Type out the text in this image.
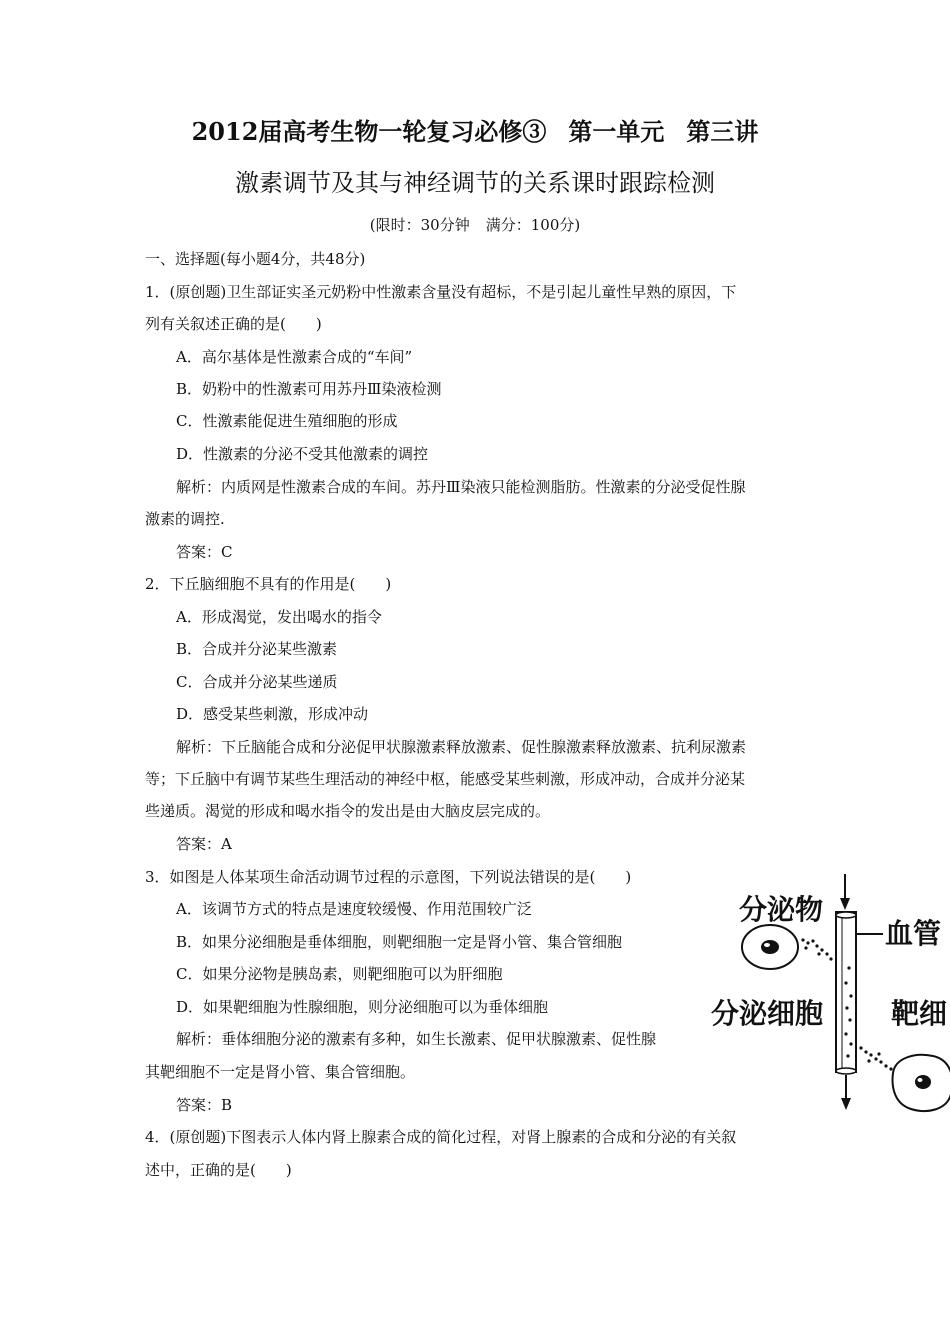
2012届高考生物一轮复习必修③ 第一单元 第三讲
激素调节及其与神经调节的关系课时跟踪检测
(限时：30分钟 满分：100分)
一、选择题(每小题4分，共48分)
1．(原创题)卫生部证实圣元奶粉中性激素含量没有超标，不是引起儿童性早熟的原因，下
列有关叙述正确的是(　　)
A．高尔基体是性激素合成的“车间”
B．奶粉中的性激素可用苏丹Ⅲ染液检测
C．性激素能促进生殖细胞的形成
D．性激素的分泌不受其他激素的调控
解析：内质网是性激素合成的车间。苏丹Ⅲ染液只能检测脂肪。性激素的分泌受促性腺
激素的调控.
答案：C
2．下丘脑细胞不具有的作用是(　　)
A．形成渴觉，发出喝水的指令
B．合成并分泌某些激素
C．合成并分泌某些递质
D．感受某些刺激，形成冲动
解析：下丘脑能合成和分泌促甲状腺激素释放激素、促性腺激素释放激素、抗利尿激素
等；下丘脑中有调节某些生理活动的神经中枢，能感受某些刺激，形成冲动，合成并分泌某
些递质。渴觉的形成和喝水指令的发出是由大脑皮层完成的。
答案：A
3．如图是人体某项生命活动调节过程的示意图，下列说法错误的是(　　)
A．该调节方式的特点是速度较缓慢、作用范围较广泛
B．如果分泌细胞是垂体细胞，则靶细胞一定是肾小管、集合管细胞
C．如果分泌物是胰岛素，则靶细胞可以为肝细胞
D．如果靶细胞为性腺细胞，则分泌细胞可以为垂体细胞
解析：垂体细胞分泌的激素有多种，如生长激素、促甲状腺激素、促性腺
其靶细胞不一定是肾小管、集合管细胞。
答案：B
4．(原创题)下图表示人体内肾上腺素合成的简化过程，对肾上腺素的合成和分泌的有关叙
述中，正确的是(　　)
分泌物
血管
分泌细胞 靶细
